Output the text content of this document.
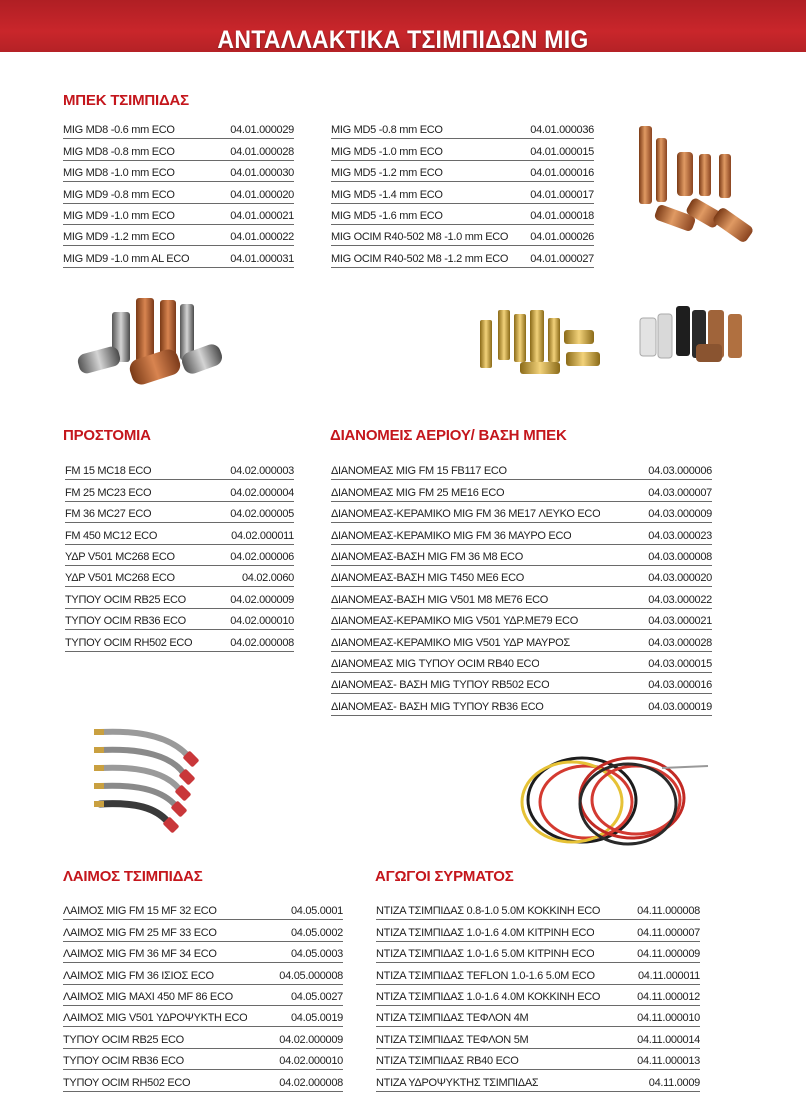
ΑΝΤΑΛΛΑΚΤΙΚΑ ΤΣΙΜΠΙΔΩΝ MIG
ΜΠΕΚ ΤΣΙΜΠΙΔΑΣ
MIG MD8 -0.6 mm ECO	04.01.000029
MIG MD8 -0.8 mm ECO	04.01.000028
MIG MD8 -1.0 mm ECO	04.01.000030
MIG MD9 -0.8 mm ECO	04.01.000020
MIG MD9 -1.0 mm ECO	04.01.000021
MIG MD9 -1.2 mm ECO	04.01.000022
MIG MD9 -1.0 mm AL ECO	04.01.000031
MIG MD5 -0.8 mm ECO	04.01.000036
MIG MD5 -1.0 mm ECO	04.01.000015
MIG MD5 -1.2 mm ECO	04.01.000016
MIG MD5 -1.4 mm ECO	04.01.000017
MIG MD5 -1.6 mm ECO	04.01.000018
MIG OCIM R40-502 M8 -1.0 mm ECO 04.01.000026
MIG OCIM R40-502 M8 -1.2 mm ECO 04.01.000027
ΠΡΟΣΤΟΜΙΑ
FM 15 MC18 ECO	04.02.000003
FM 25 MC23 ECO	04.02.000004
FM 36 MC27 ECO	04.02.000005
FM 450 MC12 ECO	04.02.000011
ΥΔΡ V501 MC268 ECO	04.02.000006
ΥΔΡ V501 MC268 ECO	04.02.0060
ΤΥΠΟΥ OCIM RB25 ECO	04.02.000009
ΤΥΠΟΥ OCIM RB36 ECO	04.02.000010
ΤΥΠΟΥ OCIM RH502 ECO	04.02.000008
ΔΙΑΝΟΜΕΙΣ ΑΕΡΙΟΥ/ ΒΑΣΗ ΜΠΕΚ
ΔΙΑΝΟΜΕΑΣ MIG FM 15 FB117 ECO	04.03.000006
ΔΙΑΝΟΜΕΑΣ MIG FM 25 ME16 ECO	04.03.000007
ΔΙΑΝΟΜΕΑΣ-ΚΕΡΑΜΙΚΟ MIG FM 36 ME17 ΛΕΥΚΟ ECO	04.03.000009
ΔΙΑΝΟΜΕΑΣ-ΚΕΡΑΜΙΚΟ MIG FM 36 ΜΑΥΡΟ ECO	04.03.000023
ΔΙΑΝΟΜΕΑΣ-ΒΑΣΗ MIG FM 36 M8 ECO	04.03.000008
ΔΙΑΝΟΜΕΑΣ-ΒΑΣΗ MIG T450 ME6 ECO	04.03.000020
ΔΙΑΝΟΜΕΑΣ-ΒΑΣΗ MIG V501 M8 ME76 ECO	04.03.000022
ΔΙΑΝΟΜΕΑΣ-ΚΕΡΑΜΙΚΟ MIG V501 ΥΔΡ.ΜΕ79 ECO	04.03.000021
ΔΙΑΝΟΜΕΑΣ-ΚΕΡΑΜΙΚΟ MIG V501 ΥΔΡ ΜΑΥΡΟΣ	04.03.000028
ΔΙΑΝΟΜΕΑΣ MIG ΤΥΠΟΥ OCIM RB40 ECO	04.03.000015
ΔΙΑΝΟΜΕΑΣ- ΒΑΣΗ MIG ΤΥΠΟΥ RB502 ECO	04.03.000016
ΔΙΑΝΟΜΕΑΣ- ΒΑΣΗ MIG ΤΥΠΟΥ RB36 ECO	04.03.000019
ΛΑΙΜΟΣ ΤΣΙΜΠΙΔΑΣ
ΛΑΙΜΟΣ MIG FM 15 MF 32 ECO	04.05.0001
ΛΑΙΜΟΣ MIG FM 25 MF 33 ECO	04.05.0002
ΛΑΙΜΟΣ MIG FM 36 MF 34 ECO	04.05.0003
ΛΑΙΜΟΣ MIG FM 36 ΙΣΙΟΣ ECO	04.05.000008
ΛΑΙΜΟΣ MIG MAXI 450 MF 86 ECO	04.05.0027
ΛΑΙΜΟΣ MIG V501 ΥΔΡΟΨΥΚΤΗ ECO	04.05.0019
ΤΥΠΟΥ OCIM RB25 ECO	04.02.000009
ΤΥΠΟΥ OCIM RB36 ECO	04.02.000010
ΤΥΠΟΥ OCIM RH502 ECO	04.02.000008
ΑΓΩΓΟΙ ΣΥΡΜΑΤΟΣ
ΝΤΙΖΑ ΤΣΙΜΠΙΔΑΣ 0.8-1.0 5.0Μ ΚΟΚΚΙΝΗ ECO	04.11.000008
ΝΤΙΖΑ ΤΣΙΜΠΙΔΑΣ 1.0-1.6 4.0Μ ΚΙΤΡΙΝΗ ECO	04.11.000007
ΝΤΙΖΑ ΤΣΙΜΠΙΔΑΣ 1.0-1.6 5.0Μ ΚΙΤΡΙΝΗ ECO	04.11.000009
ΝΤΙΖΑ ΤΣΙΜΠΙΔΑΣ TEFLON 1.0-1.6 5.0Μ ECO	04.11.000011
ΝΤΙΖΑ ΤΣΙΜΠΙΔΑΣ 1.0-1.6 4.0Μ ΚΟΚΚΙΝΗ ECO	04.11.000012
ΝΤΙΖΑ ΤΣΙΜΠΙΔΑΣ ΤΕΦΛΟΝ 4Μ	04.11.000010
ΝΤΙΖΑ ΤΣΙΜΠΙΔΑΣ ΤΕΦΛΟΝ 5Μ	04.11.000014
ΝΤΙΖΑ ΤΣΙΜΠΙΔΑΣ RB40 ECO	04.11.000013
ΝΤΙΖΑ ΥΔΡΟΨΥΚΤΗΣ ΤΣΙΜΠΙΔΑΣ	04.11.0009
